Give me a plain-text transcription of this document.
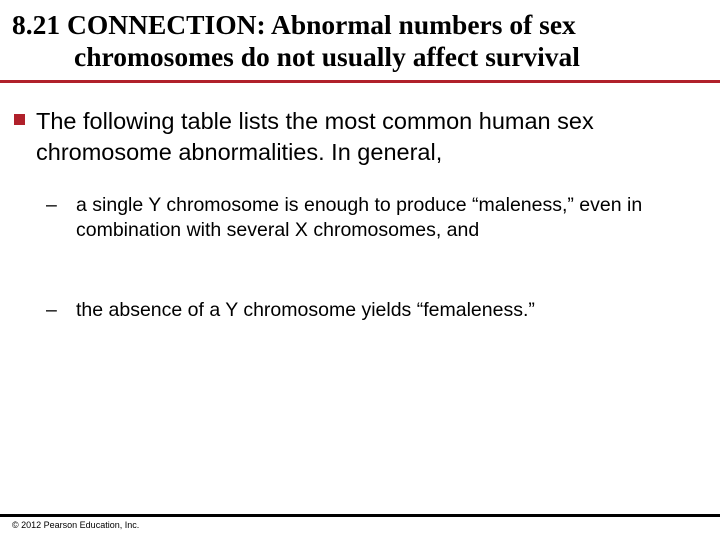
8.21 CONNECTION: Abnormal numbers of sex
chromosomes do not usually affect survival
The following table lists the most common human sex chromosome abnormalities. In general,
– a single Y chromosome is enough to produce “maleness,” even in combination with several X chromosomes, and
– the absence of a Y chromosome yields “femaleness.”
© 2012 Pearson Education, Inc.
